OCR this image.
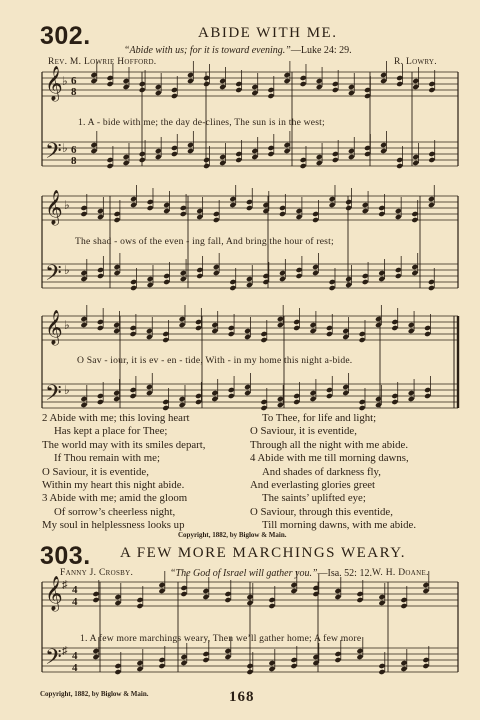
302.	ABIDE WITH ME.
“Abide with us; for it is toward evening.”—Luke 24: 29.
Rev. M. Lowrie Hofford.	R. Lowry.
𝄞
𝄢
♭
♭
6
8
6
8
1. A - bide with me; the day de-clines, The sun is in the west;
𝄞
𝄢
♭
♭
The shad - ows of the even - ing fall, And bring the hour of rest;
𝄞
𝄢
♭
♭
O Sav - iour, it is ev - en - tide, With - in my home this night a-bide.
2 Abide with me; this loving heart
Has kept a place for Thee;
The world may with its smiles depart,
If Thou remain with me;
O Saviour, it is eventide,
Within my heart this night abide.
3 Abide with me; amid the gloom
Of sorrow’s cheerless night,
My soul in helplessness looks up
To Thee, for life and light;
O Saviour, it is eventide,
Through all the night with me abide.
4 Abide with me till morning dawns,
And shades of darkness fly,
And everlasting glories greet
The saints’ uplifted eye;
O Saviour, through this eventide,
Till morning dawns, with me abide.
Copyright, 1882, by Biglow & Main.
303. A FEW MORE MARCHINGS WEARY.
Fanny J. Crosby.	“The God of Israel will gather you.”—Isa. 52: 12. W. H. Doane.
𝄞
𝄢
♯
♯
4
4
4
4
1. A few more marchings weary, Then we’ll gather home; A few more
Copyright, 1882, by Biglow & Main.	168
